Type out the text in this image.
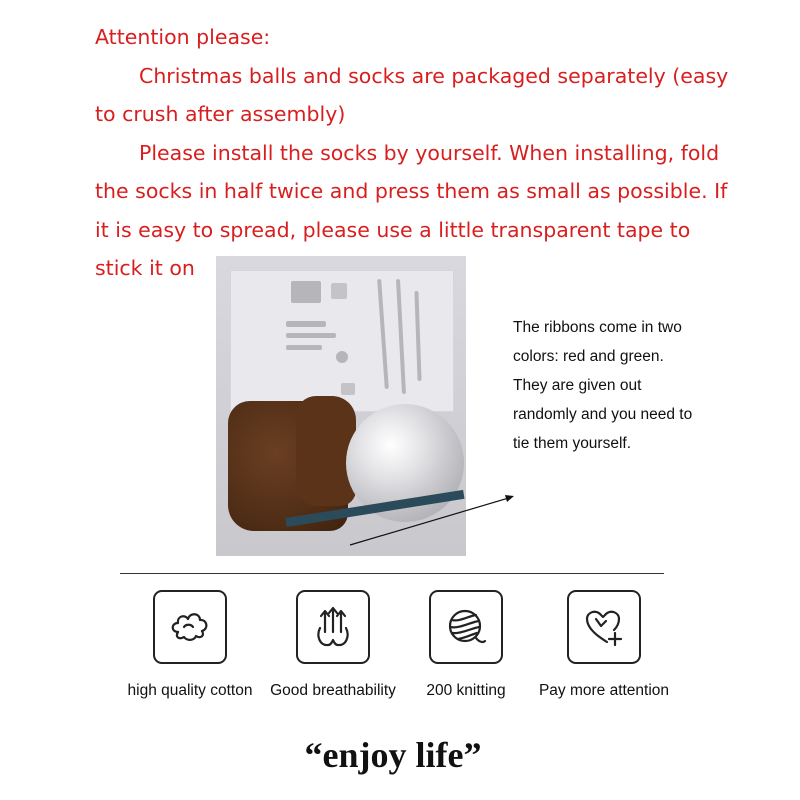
Attention please:

Christmas balls and socks are packaged separately (easy to crush after assembly)

Please install the socks by yourself. When installing, fold the socks in half twice and press them as small as possible. If it is easy to spread, please use a little transparent tape to stick it on

The ribbons come in two colors: red and green. They are given out randomly and you need to tie them yourself.
high quality cotton	Good breathability	200 knitting	Pay more attention
“enjoy life”
